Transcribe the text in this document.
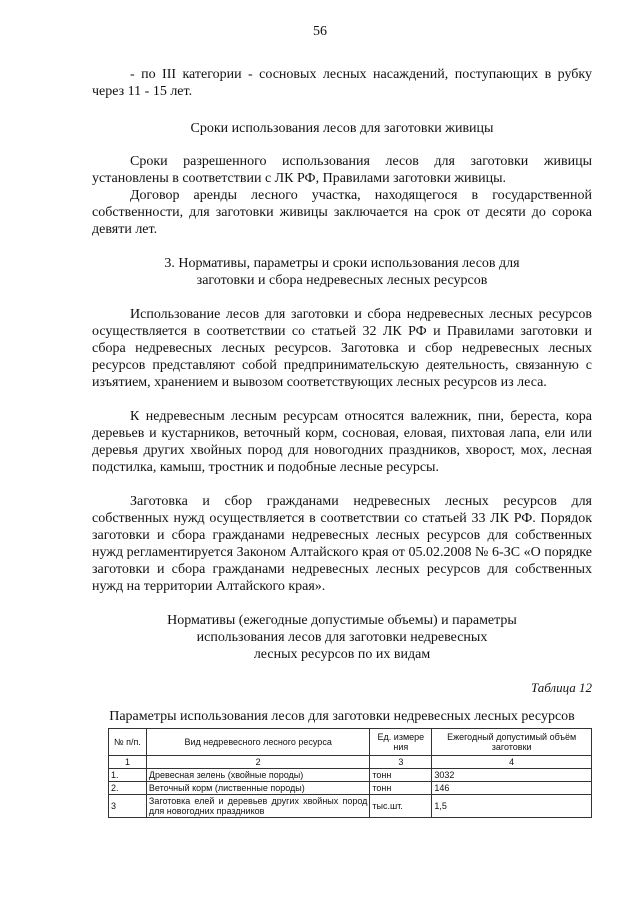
56
- по III категории - сосновых лесных насаждений, поступающих в рубку через 11 - 15 лет.
Сроки использования лесов для заготовки живицы
Сроки разрешенного использования лесов для заготовки живицы установлены в соответствии с ЛК РФ, Правилами заготовки живицы.
Договор аренды лесного участка, находящегося в государственной собственности, для заготовки живицы заключается на срок от десяти до сорока девяти лет.
3. Нормативы, параметры и сроки использования лесов для
заготовки и сбора недревесных лесных ресурсов
Использование лесов для заготовки и сбора недревесных лесных ресурсов осуществляется в соответствии со статьей 32 ЛК РФ и Правилами заготовки и сбора недревесных лесных ресурсов. Заготовка и сбор недревесных лесных ресурсов представляют собой предпринимательскую деятельность, связанную с изъятием, хранением и вывозом соответствующих лесных ресурсов из леса.
К недревесным лесным ресурсам относятся валежник, пни, береста, кора деревьев и кустарников, веточный корм, сосновая, еловая, пихтовая лапа, ели или деревья других хвойных пород для новогодних праздников, хворост, мох, лесная подстилка, камыш, тростник и подобные лесные ресурсы.
Заготовка и сбор гражданами недревесных лесных ресурсов для собственных нужд осуществляется в соответствии со статьей 33 ЛК РФ. Порядок заготовки и сбора гражданами недревесных лесных ресурсов для собственных нужд регламентируется Законом Алтайского края от 05.02.2008 № 6-ЗС «О порядке заготовки и сбора гражданами недревесных лесных ресурсов для собственных нужд на территории Алтайского края».
Нормативы (ежегодные допустимые объемы) и параметры
использования лесов для заготовки недревесных
лесных ресурсов по их видам
Таблица 12
Параметры использования лесов для заготовки недревесных лесных ресурсов
№ п/п.	Вид недревесного лесного ресурса	Ед. измере ния	Ежегодный допустимый объём заготовки
1	2	3	4
1.	Древесная зелень (хвойные породы)	тонн	3032
2.	Веточный корм (лиственные породы)	тонн	146
3	Заготовка елей и деревьев других хвойных пород для новогодних праздников	тыс.шт.	1,5
